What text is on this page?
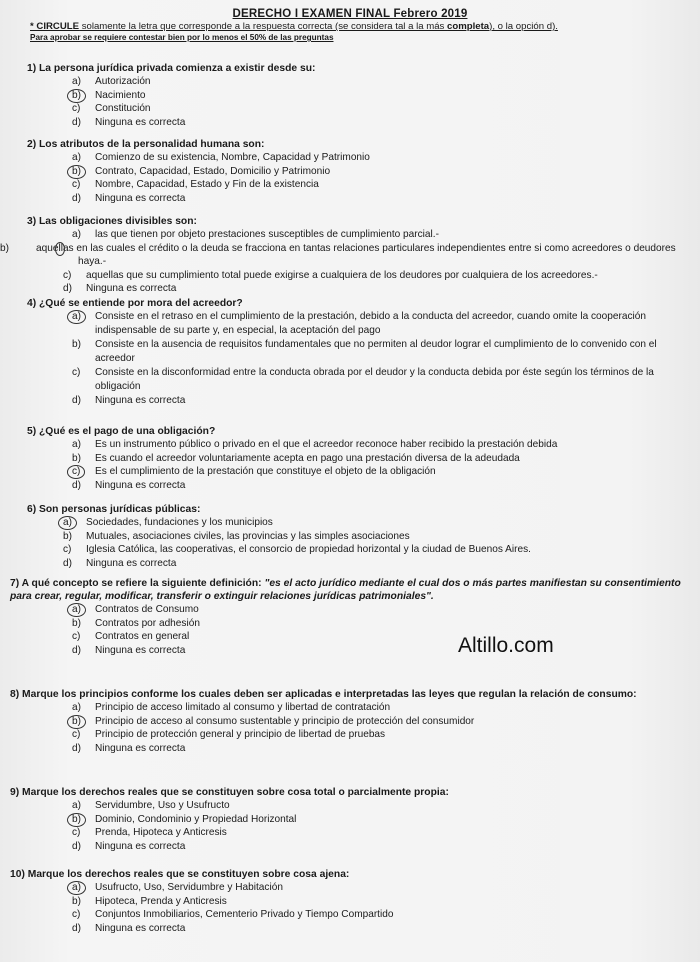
DERECHO I EXAMEN FINAL Febrero 2019
* CIRCULE solamente la letra que corresponde a la respuesta correcta (se considera tal a la más completa), o la opción d).
Para aprobar se requiere contestar bien por lo menos el 50% de las preguntas
1) La persona jurídica privada comienza a existir desde su:
a) Autorización
b)	Nacimiento
c) Constitución
d) Ninguna es correcta
2) Los atributos de la personalidad humana son:
a) Comienzo de su existencia, Nombre, Capacidad y Patrimonio
b)	Contrato, Capacidad, Estado, Domicilio y Patrimonio
c) Nombre, Capacidad, Estado y Fin de la existencia
d) Ninguna es correcta
3) Las obligaciones divisibles son:
a) las que tienen por objeto prestaciones susceptibles de cumplimiento parcial.-
b)	aquellas en las cuales el crédito o la deuda se fracciona en tantas relaciones particulares independientes entre si como acreedores o deudores haya.-
c) aquellas que su cumplimiento total puede exigirse a cualquiera de los deudores por cualquiera de los acreedores.-
d) Ninguna es correcta
4) ¿Qué se entiende por mora del acreedor?
a)	Consiste en el retraso en el cumplimiento de la prestación, debido a la conducta del acreedor, cuando omite la cooperación indispensable de su parte y, en especial, la aceptación del pago
b) Consiste en la ausencia de requisitos fundamentales que no permiten al deudor lograr el cumplimiento de lo convenido con el acreedor
c) Consiste en la disconformidad entre la conducta obrada por el deudor y la conducta debida por éste según los términos de la obligación
d) Ninguna es correcta
5) ¿Qué es el pago de una obligación?
a) Es un instrumento público o privado en el que el acreedor reconoce haber recibido la prestación debida
b) Es cuando el acreedor voluntariamente acepta en pago una prestación diversa de la adeudada
c)	Es el cumplimiento de la prestación que constituye el objeto de la obligación
d) Ninguna es correcta
6) Son personas jurídicas públicas:
a)	Sociedades, fundaciones y los municipios
b) Mutuales, asociaciones civiles, las provincias y las simples asociaciones
c) Iglesia Católica, las cooperativas, el consorcio de propiedad horizontal y la ciudad de Buenos Aires.
d) Ninguna es correcta
7) A qué concepto se refiere la siguiente definición: "es el acto jurídico mediante el cual dos o más partes manifiestan su consentimiento para crear, regular, modificar, transferir o extinguir relaciones jurídicas patrimoniales".
a)	Contratos de Consumo
b) Contratos por adhesión
c) Contratos en general
d) Ninguna es correcta
8) Marque los principios conforme los cuales deben ser aplicadas e interpretadas las leyes que regulan la relación de consumo:
a) Principio de acceso limitado al consumo y libertad de contratación
b)	Principio de acceso al consumo sustentable y principio de protección del consumidor
c) Principio de protección general y principio de libertad de pruebas
d) Ninguna es correcta
9) Marque los derechos reales que se constituyen sobre cosa total o parcialmente propia:
a) Servidumbre, Uso y Usufructo
b)	Dominio, Condominio y Propiedad Horizontal
c) Prenda, Hipoteca y Anticresis
d) Ninguna es correcta
10) Marque los derechos reales que se constituyen sobre cosa ajena:
a)	Usufructo, Uso, Servidumbre y Habitación
b) Hipoteca, Prenda y Anticresis
c) Conjuntos Inmobiliarios, Cementerio Privado y Tiempo Compartido
d) Ninguna es correcta
Altillo.com
